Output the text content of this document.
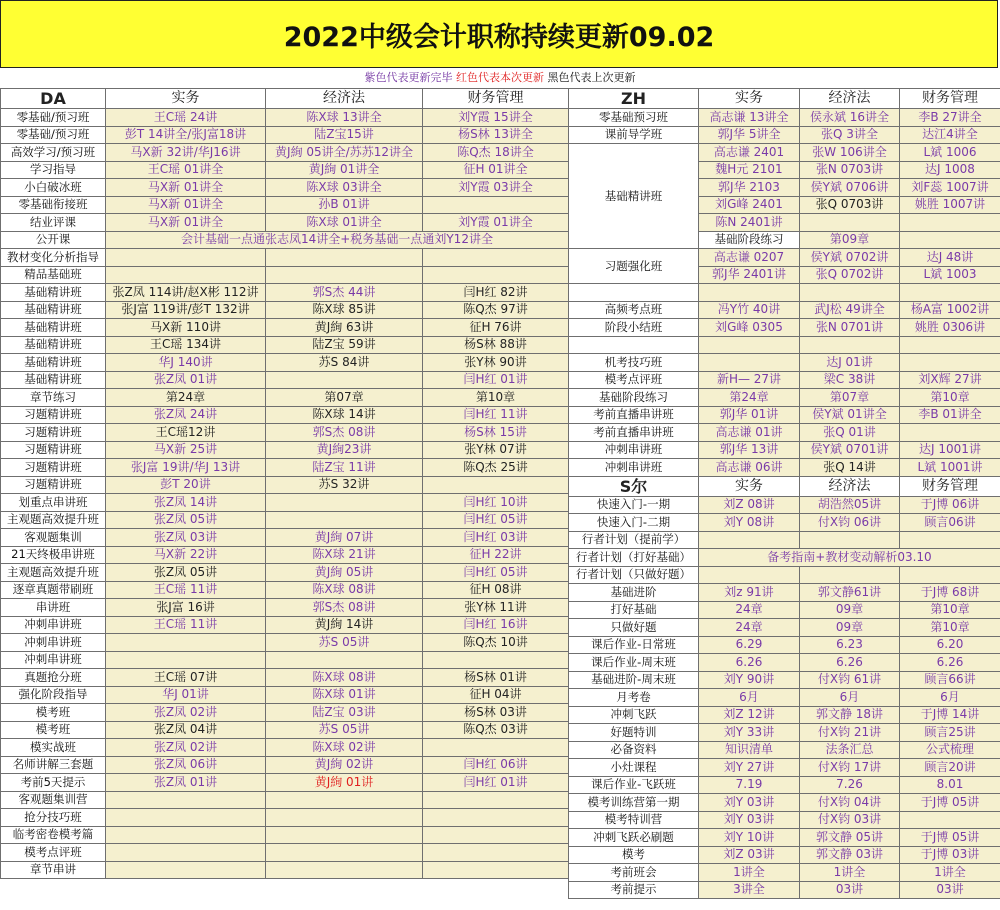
2022中级会计职称持续更新09.02
紫色代表更新完毕 红色代表本次更新 黑色代表上次更新
DA	实务	经济法	财务管理
零基础/预习班	王C瑶 24讲	陈X球 13讲全	刘Y霞 15讲全
零基础/预习班	彭T 14讲全/张J富18讲	陆Z宝15讲	杨S林 13讲全
高效学习/预习班	马X新 32讲/华J16讲	黄J絢 05讲全/苏苏12讲全	陈Q杰 18讲全
学习指导	王C瑶 01讲全	黄J絢 01讲全	征H 01讲全
小白破冰班	马X新 01讲全	陈X球 03讲全	刘Y霞 03讲全
零基础衔接班	马X新 01讲全	孙B 01讲	
结业评课	马X新 01讲全	陈X球 01讲全	刘Y霞 01讲全
公开课	会计基础一点通张志凤14讲全+税务基础一点通刘Y12讲全		
教材变化分析指导			
精品基础班			
基础精讲班	张Z凤 114讲/赵X彬 112讲	郭S杰 44讲	闫H红 82讲
基础精讲班	张J富 119讲/彭T 132讲	陈X球 85讲	陈Q杰 97讲
基础精讲班	马X新 110讲	黄J絢 63讲	征H 76讲
基础精讲班	王C瑶 134讲	陆Z宝 59讲	杨S林 88讲
基础精讲班	华J 140讲	苏S 84讲	张Y林 90讲
基础精讲班	张Z凤 01讲		闫H红 01讲
章节练习	第24章	第07章	第10章
习题精讲班	张Z凤 24讲	陈X球 14讲	闫H红 11讲
习题精讲班	王C瑶12讲	郭S杰 08讲	杨S林 15讲
习题精讲班	马X新 25讲	黄J絢23讲	张Y林 07讲
习题精讲班	张J富 19讲/华J 13讲	陆Z宝 11讲	陈Q杰 25讲
习题精讲班	彭T 20讲	苏S 32讲	
划重点串讲班	张Z凤 14讲		闫H红 10讲
主观题高效提升班	张Z凤 05讲		闫H红 05讲
客观题集训	张Z凤 03讲	黄J絢 07讲	闫H红 03讲
21天终极串讲班	马X新 22讲	陈X球 21讲	征H 22讲
主观题高效提升班	张Z凤 05讲	黄J絢 05讲	闫H红 05讲
逐章真题带刷班	王C瑶 11讲	陈X球 08讲	征H 08讲
串讲班	张J富 16讲	郭S杰 08讲	张Y林 11讲
冲刺串讲班	王C瑶 11讲	黄J絢 14讲	闫H红 16讲
冲刺串讲班		苏S 05讲	陈Q杰 10讲
冲刺串讲班			
真题抢分班	王C瑶 07讲	陈X球 08讲	杨S林 01讲
强化阶段指导	华J 01讲	陈X球 01讲	征H 04讲
模考班	张Z凤 02讲	陆Z宝 03讲	杨S林 03讲
模考班	张Z凤 04讲	苏S 05讲	陈Q杰 03讲
模实战班	张Z凤 02讲	陈X球 02讲	
名师讲解三套题	张Z凤 06讲	黄J絢 02讲	闫H红 06讲
考前5天提示	张Z凤 01讲	黄J絢 01讲	闫H红 01讲
客观题集训营			
抢分技巧班			
临考密卷模考篇			
模考点评班			
章节串讲			
ZH	实务	经济法	财务管理	
零基础预习班	高志谦 13讲全	侯永斌 16讲全	李B 27讲全	
课前导学班	郭J华 5讲全	张Q 3讲全	达江4讲全	
基础精讲班	高志谦 2401	张W 106讲全	L斌 1006	
	魏H元 2101	张N 0703讲	达J 1008	
	郭J华 2103	侯Y斌 0706讲	刘F蕊 1007讲	
	刘G峰 2401	张Q 0703讲	姚胜 1007讲	
	陈N 2401讲			
	基础阶段练习	第09章		
习题强化班	高志谦 0207	侯Y斌 0702讲	达J 48讲	
	郭J华 2401讲	张Q 0702讲	L斌 1003	

高频考点班	冯Y竹 40讲	武J松 49讲全	杨A富 1002讲	
阶段小结班	刘G峰 0305	张N 0701讲	姚胜 0306讲	

机考技巧班		达J 01讲		
模考点评班	新H— 27讲	梁C 38讲	刘X辉 27讲	
基础阶段练习	第24章	第07章	第10章	
考前直播串讲班	郭J华 01讲	侯Y斌 01讲全	李B 01讲全	
考前直播串讲班	高志谦 01讲	张Q 01讲		
冲刺串讲班	郭J华 13讲	侯Y斌 0701讲	达J 1001讲	
冲刺串讲班	高志谦 06讲	张Q 14讲	L斌 1001讲	
S尔	实务	经济法	财务管理	
快速入门-一期	刘Z 08讲	胡浩然05讲	于J博 06讲	
快速入门-二期	刘Y 08讲	付X钧 06讲	顾言06讲	
行者计划（提前学）				
行者计划（打好基础）	备考指南+教材变动解析03.10			
行者计划（只做好题）				
基础进阶	刘z 91讲	郭文静61讲	于J博 68讲	
打好基础	24章	09章	第10章	
只做好题	24章	09章	第10章	
课后作业-日常班	6.29	6.23	6.20	
课后作业-周末班	6.26	6.26	6.26	
基础进阶-周末班	刘Y 90讲	付X钧 61讲	顾言66讲	
月考卷	6月	6月	6月	
冲刺飞跃	刘Z 12讲	郭文静 18讲	于J博 14讲	
好题特训	刘Y 33讲	付X钧 21讲	顾言25讲	
必备资料	知识清单	法条汇总	公式梳理	
小灶课程	刘Y 27讲	付X钧 17讲	顾言20讲	
课后作业-飞跃班	7.19	7.26	8.01	
模考训练营第一期	刘Y 03讲	付X钧 04讲	于J博 05讲	
模考特训营	刘Y 03讲	付X钧 03讲		
冲刺飞跃必刷题	刘Y 10讲	郭文静 05讲	于J博 05讲	
模考	刘Z 03讲	郭文静 03讲	于J博 03讲	
考前班会	1讲全	1讲全	1讲全	
考前提示	3讲全	03讲	03讲	
